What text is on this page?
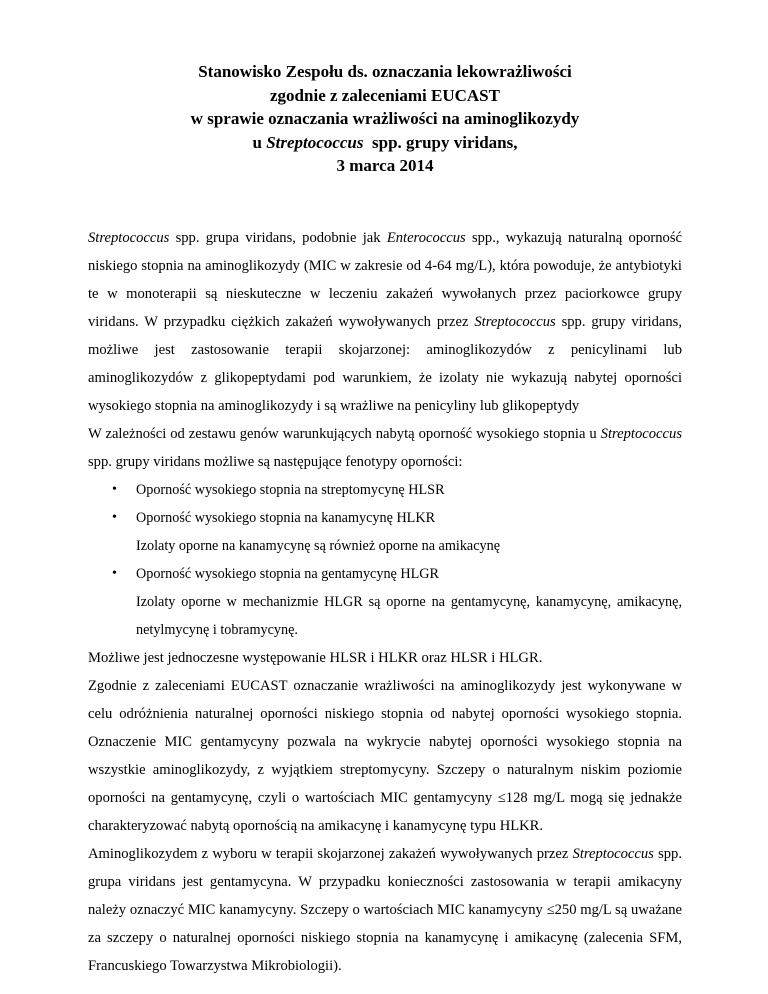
Stanowisko Zespołu ds. oznaczania lekowrażliwości
zgodnie z zaleceniami EUCAST
w sprawie oznaczania wrażliwości na aminoglikozydy
u Streptococcus  spp. grupy viridans,
3 marca 2014

Streptococcus spp. grupa viridans, podobnie jak Enterococcus spp., wykazują naturalną oporność niskiego stopnia na aminoglikozydy (MIC w zakresie od 4-64 mg/L), która powoduje, że antybiotyki te w monoterapii są nieskuteczne w leczeniu zakażeń wywołanych przez paciorkowce grupy viridans. W przypadku ciężkich zakażeń wywoływanych przez Streptococcus spp. grupy viridans, możliwe jest zastosowanie terapii skojarzonej: aminoglikozydów z penicylinami lub aminoglikozydów z glikopeptydami pod warunkiem, że izolaty nie wykazują nabytej oporności wysokiego stopnia na aminoglikozydy i są wrażliwe na penicyliny lub glikopeptydy

W zależności od zestawu genów warunkujących nabytą oporność wysokiego stopnia u Streptococcus spp. grupy viridans możliwe są następujące fenotypy oporności:

• Oporność wysokiego stopnia na streptomycynę HLSR
• Oporność wysokiego stopnia na kanamycynę HLKR
Izolaty oporne na kanamycynę są również oporne na amikacynę
• Oporność wysokiego stopnia na gentamycynę HLGR
Izolaty oporne w mechanizmie HLGR są oporne na gentamycynę, kanamycynę, amikacynę, netylmycynę i tobramycynę.

Możliwe jest jednoczesne występowanie HLSR i HLKR oraz HLSR i HLGR.

Zgodnie z zaleceniami EUCAST oznaczanie wrażliwości na aminoglikozydy jest wykonywane w celu odróżnienia naturalnej oporności niskiego stopnia od nabytej oporności wysokiego stopnia. Oznaczenie MIC gentamycyny pozwala na wykrycie nabytej oporności wysokiego stopnia na wszystkie aminoglikozydy, z wyjątkiem streptomycyny. Szczepy o naturalnym niskim poziomie oporności na gentamycynę, czyli o wartościach MIC gentamycyny ≤128 mg/L mogą się jednakże charakteryzować nabytą opornością na amikacynę i kanamycynę typu HLKR.

Aminoglikozydem z wyboru w terapii skojarzonej zakażeń wywoływanych przez Streptococcus spp. grupa viridans jest gentamycyna. W przypadku konieczności zastosowania w terapii amikacyny należy oznaczyć MIC kanamycyny. Szczepy o wartościach MIC kanamycyny ≤250 mg/L są uważane za szczepy o naturalnej oporności niskiego stopnia na kanamycynę i amikacynę (zalecenia SFM, Francuskiego Towarzystwa Mikrobiologii).
